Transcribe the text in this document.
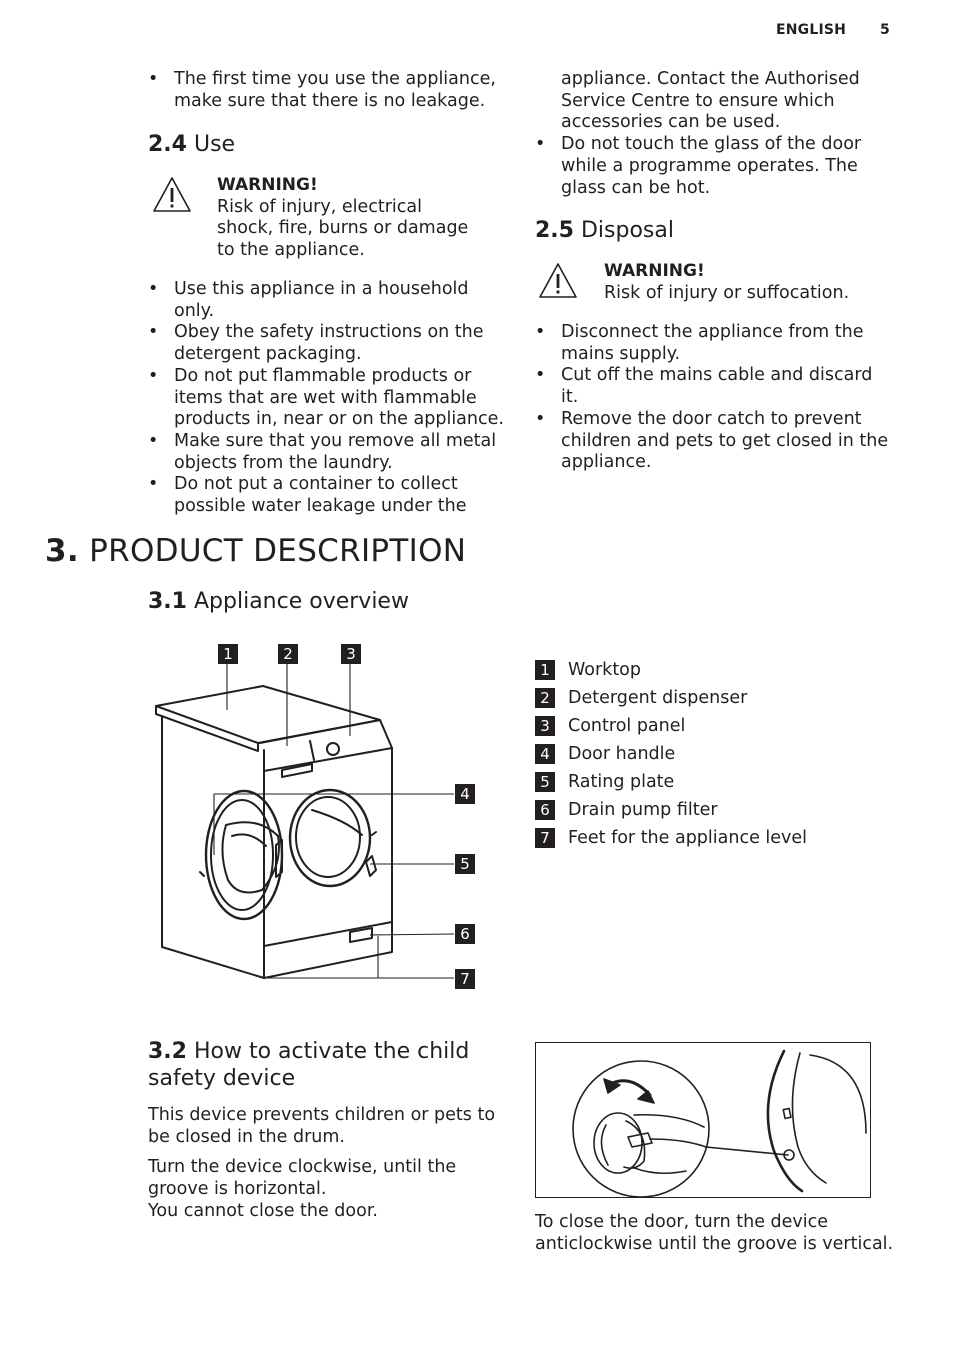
ENGLISH 5
• The first time you use the appliance, make sure that there is no leakage.
2.4 Use
WARNING!
Risk of injury, electrical shock, fire, burns or damage to the appliance.
• Use this appliance in a household only.
• Obey the safety instructions on the detergent packaging.
• Do not put flammable products or items that are wet with flammable products in, near or on the appliance.
• Make sure that you remove all metal objects from the laundry.
• Do not put a container to collect possible water leakage under the
appliance. Contact the Authorised Service Centre to ensure which accessories can be used.
• Do not touch the glass of the door while a programme operates. The glass can be hot.
2.5 Disposal
WARNING!
Risk of injury or suffocation.
• Disconnect the appliance from the mains supply.
• Cut off the mains cable and discard it.
• Remove the door catch to prevent children and pets to get closed in the appliance.
3. PRODUCT DESCRIPTION
3.1 Appliance overview
1	2	3
4
5
6
7
1 Worktop
2 Detergent dispenser
3 Control panel
4 Door handle
5 Rating plate
6 Drain pump filter
7 Feet for the appliance level
3.2 How to activate the child safety device

This device prevents children or pets to be closed in the drum.

Turn the device clockwise, until the groove is horizontal.

You cannot close the door.

To close the door, turn the device anticlockwise until the groove is vertical.
